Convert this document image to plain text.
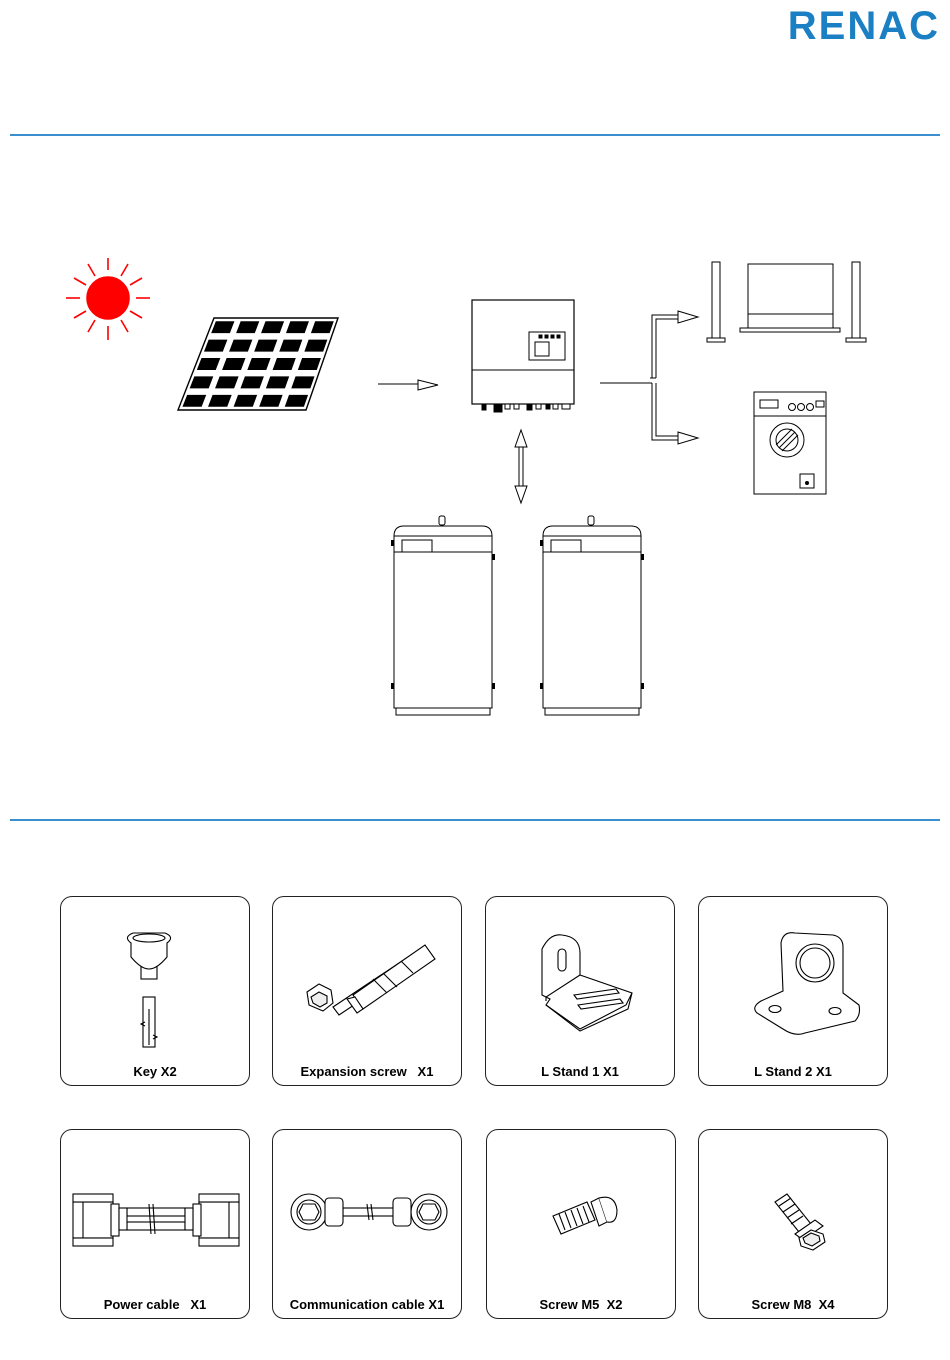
RENAC
Key X2	Expansion screw   X1	L Stand 1 X1	L Stand 2 X1
Power cable   X1	Communication cable X1	Screw M5  X2	Screw M8  X4
